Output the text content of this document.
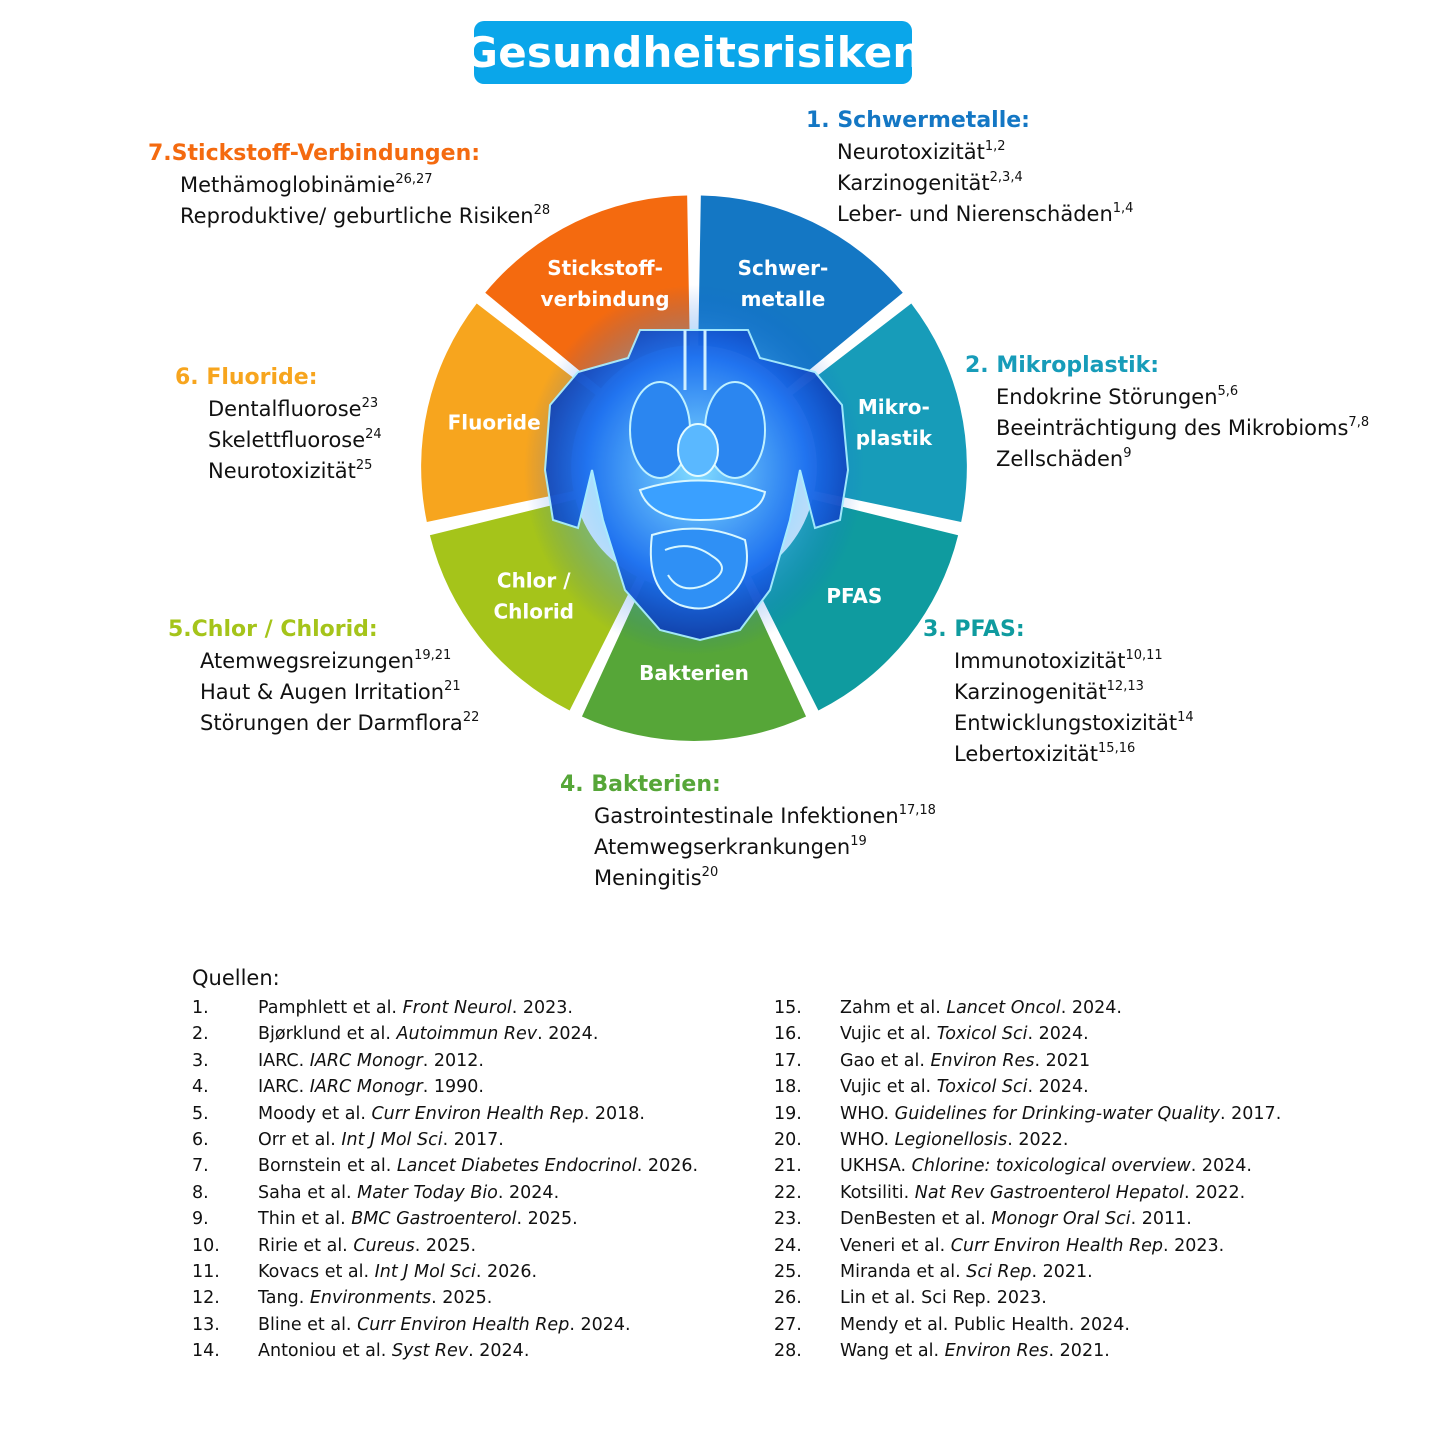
Gesundheitsrisiken
Schwer-
metalle
Mikro-
plastik
PFAS
Bakterien
Chlor /
Chlorid
Fluoride
Stickstoff-
verbindung
1. Schwermetalle:
Neurotoxizität$^{1,2}$
Karzinogenität$^{2,3,4}$
Leber- und Nierenschäden$^{1,4}$
2. Mikroplastik:
Endokrine Störungen$^{5,6}$
Beeinträchtigung des Mikrobioms$^{7,8}$
Zellschäden$^9$
3. PFAS:
Immunotoxizität$^{10,11}$
Karzinogenität$^{12,13}$
Entwicklungstoxizität$^{14}$
Lebertoxizität$^{15,16}$
4. Bakterien:
Gastrointestinale Infektionen$^{17,18}$
Atemwegserkrankungen$^{19}$
Meningitis$^{20}$
5.Chlor / Chlorid:
Atemwegsreizungen$^{19,21}$
Haut & Augen Irritation$^{21}$
Störungen der Darmflora$^{22}$
6. Fluoride:
Dentalfluorose$^{23}$
Skelettfluorose$^{24}$
Neurotoxizität$^{25}$
7.Stickstoff-Verbindungen:
Methämoglobinämie$^{26,27}$
Reproduktive/ geburtliche Risiken$^{28}$
Quellen:
1.	Pamphlett et al. Front Neurol. 2023.
2.	Bjørklund et al. Autoimmun Rev. 2024.
3.	IARC. IARC Monogr. 2012.
4.	IARC. IARC Monogr. 1990.
5.	Moody et al. Curr Environ Health Rep. 2018.
6.	Orr et al. Int J Mol Sci. 2017.
7.	Bornstein et al. Lancet Diabetes Endocrinol. 2026.
8.	Saha et al. Mater Today Bio. 2024.
9.	Thin et al. BMC Gastroenterol. 2025.
10.	Ririe et al. Cureus. 2025.
11.	Kovacs et al. Int J Mol Sci. 2026.
12.	Tang. Environments. 2025.
13.	Bline et al. Curr Environ Health Rep. 2024.
14.	Antoniou et al. Syst Rev. 2024.
15.	Zahm et al. Lancet Oncol. 2024.
16.	Vujic et al. Toxicol Sci. 2024.
17.	Gao et al. Environ Res. 2021
18.	Vujic et al. Toxicol Sci. 2024.
19.	WHO. Guidelines for Drinking-water Quality. 2017.
20.	WHO. Legionellosis. 2022.
21.	UKHSA. Chlorine: toxicological overview. 2024.
22.	Kotsiliti. Nat Rev Gastroenterol Hepatol. 2022.
23.	DenBesten et al. Monogr Oral Sci. 2011.
24.	Veneri et al. Curr Environ Health Rep. 2023.
25.	Miranda et al. Sci Rep. 2021.
26.	Lin et al. Sci Rep. 2023.
27.	Mendy et al. Public Health. 2024.
28.	Wang et al. Environ Res. 2021.
